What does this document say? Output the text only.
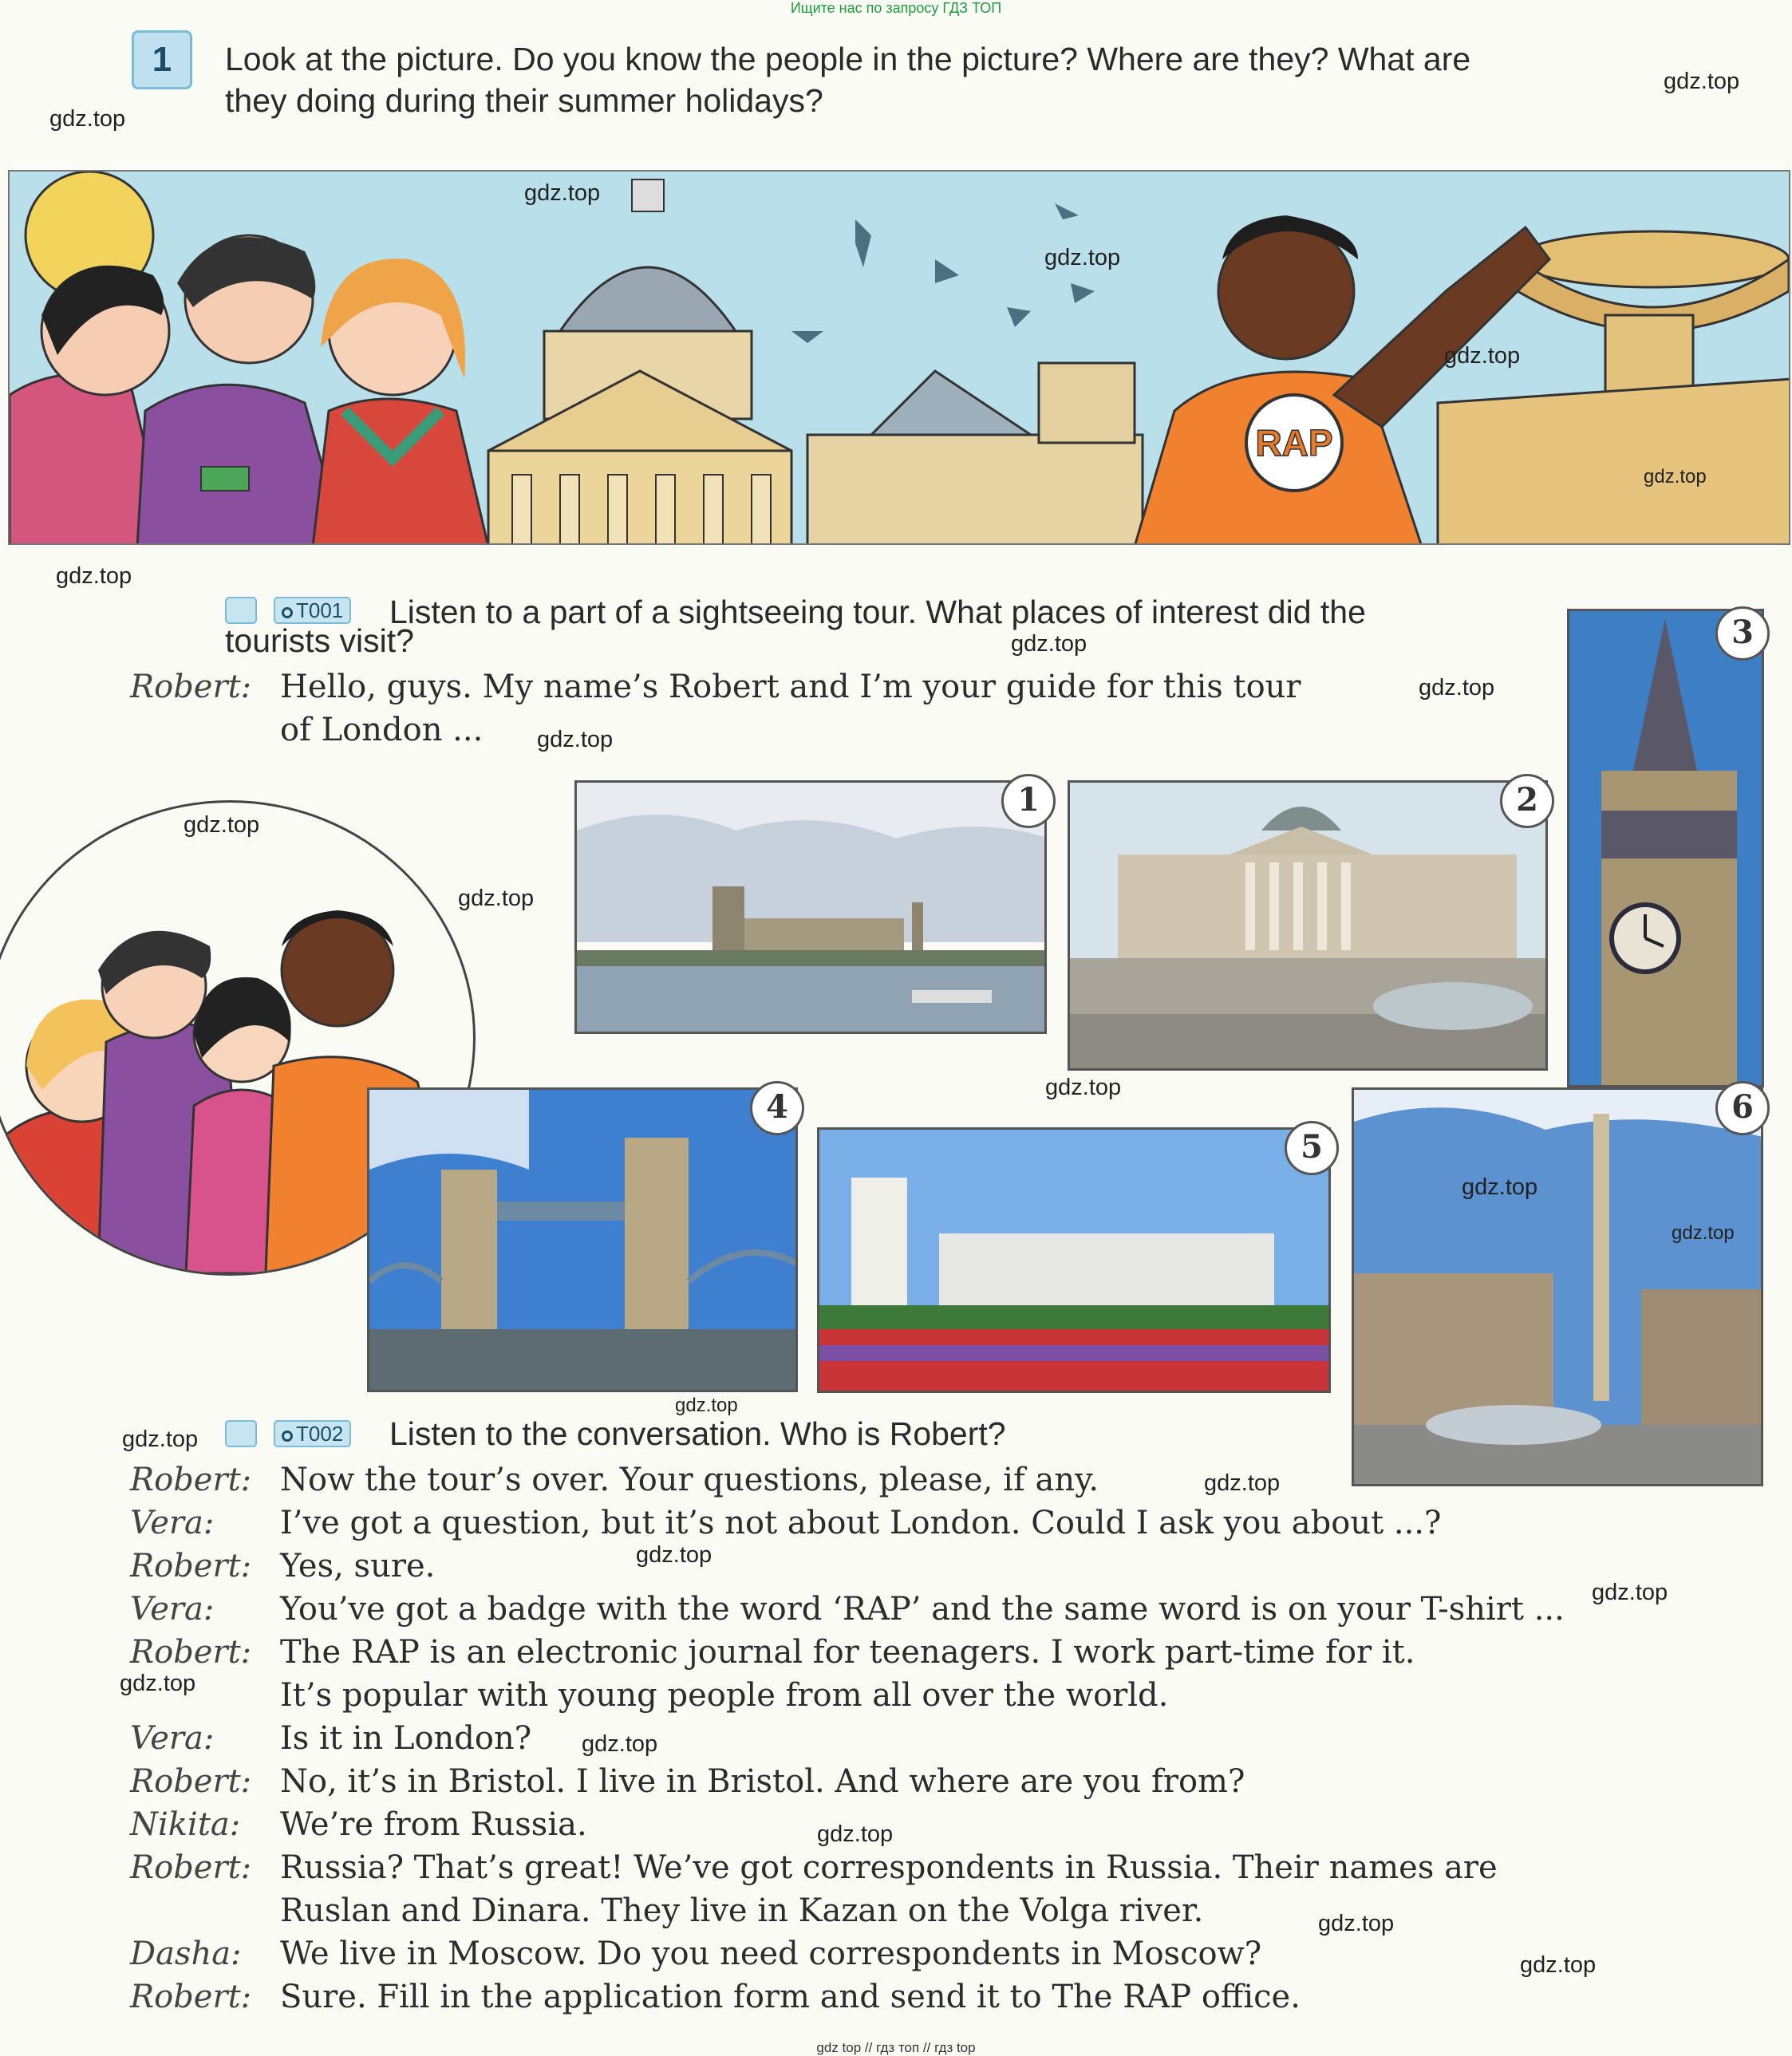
Ищите нас по запросу ГДЗ ТОП
1	Look at the picture. Do you know the people in the picture? Where are they? What are
they doing during their summer holidays?
RAP
T001 Listen to a part of a sightseeing tour. What places of interest did the
tourists visit?
Robert: Hello, guys. My name’s Robert and I’m your guide for this tour
of London ...
1	2
3
4
5
6
T002 Listen to the conversation. Who is Robert?
Robert: Now the tour’s over. Your questions, please, if any.
Vera:	I’ve got a question, but it’s not about London. Could I ask you about ...?
Robert: Yes, sure.
Vera:	You’ve got a badge with the word ‘RAP’ and the same word is on your T-shirt ...
Robert: The RAP is an electronic journal for teenagers. I work part-time for it.
It’s popular with young people from all over the world.
Vera:	Is it in London?
Robert: No, it’s in Bristol. I live in Bristol. And where are you from?
Nikita:	We’re from Russia.
Robert: Russia? That’s great! We’ve got correspondents in Russia. Their names are
Ruslan and Dinara. They live in Kazan on the Volga river.
Dasha:	We live in Moscow. Do you need correspondents in Moscow?
Robert: Sure. Fill in the application form and send it to The RAP office.
gdz.top
gdz.top
gdz.top
gdz.top
gdz.top
gdz.top
gdz.top
gdz.top
gdz.top
gdz.top
gdz.top
gdz.top
gdz.top
gdz.top
gdz.top
gdz.top
gdz.top
gdz.top
gdz.top
gdz.top
gdz.top
gdz.top
gdz.top
gdz.top
gdz.top
gdz top // гдз топ // гдз top
